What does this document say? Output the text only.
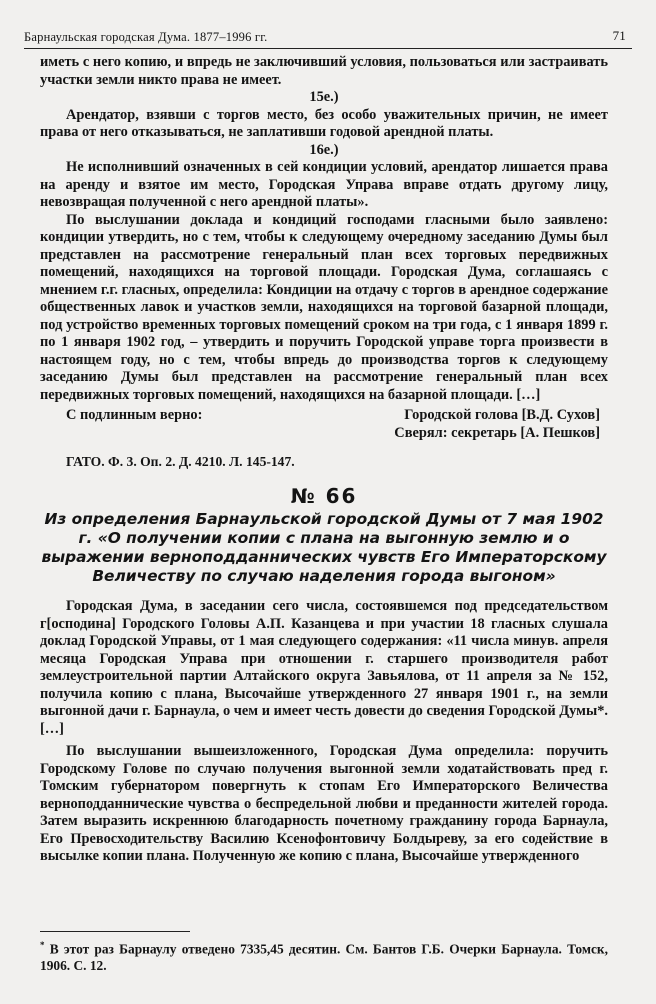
Барнаульская городская Дума. 1877–1996 гг.	71

иметь с него копию, и впредь не заключивший условия, пользоваться или застраивать участки земли никто права не имеет.

15е.)

Арендатор, взявши с торгов место, без особо уважительных причин, не имеет права от него отказываться, не заплативши годовой арендной платы.

16е.)

Не исполнивший означенных в сей кондиции условий, арендатор лишается права на аренду и взятое им место, Городская Управа вправе отдать другому лицу, невозвращая полученной с него арендной платы».

По выслушании доклада и кондиций господами гласными было заявлено: кондиции утвердить, но с тем, чтобы к следующему очередному заседанию Думы был представлен на рассмотрение генеральный план всех торговых передвижных помещений, находящихся на торговой площади. Городская Дума, соглашаясь с мнением г.г. гласных, определила: Кондиции на отдачу с торгов в арендное содержание общественных лавок и участков земли, находящихся на торговой базарной площади, под устройство временных торговых помещений сроком на три года, с 1 января 1899 г. по 1 января 1902 год, – утвердить и поручить Городской управе торга произвести в настоящем году, но с тем, чтобы впредь до производства торгов к следующему заседанию Думы был представлен на рассмотрение генеральный план всех передвижных торговых помещений, находящихся на базарной площади. […]

С подлинным верно:	Городской голова [В.Д. Сухов]
Сверял: секретарь [А. Пешков]
ГАТО. Ф. 3. Оп. 2. Д. 4210. Л. 145-147.
№ 66
Из определения Барнаульской городской Думы от 7 мая 1902 г. «О получении копии с плана на выгонную землю и о выражении верноподданнических чувств Его Императорскому Величеству по случаю наделения города выгоном»

Городская Дума, в заседании сего числа, состоявшемся под председательством г[осподина] Городского Головы А.П. Казанцева и при участии 18 гласных слушала доклад Городской Управы, от 1 мая следующего содержания: «11 числа минув. апреля месяца Городская Управа при отношении г. старшего производителя работ землеустроительной партии Алтайского округа Завьялова, от 11 апреля за № 152, получила копию с плана, Высочайше утвержденного 27 января 1901 г., на земли выгонной дачи г. Барнаула, о чем и имеет честь довести до сведения Городской Думы*. […]

По выслушании вышеизложенного, Городская Дума определила: поручить Городскому Голове по случаю получения выгонной земли ходатайствовать пред г. Томским губернатором повергнуть к стопам Его Императорского Величества верноподданнические чувства о беспредельной любви и преданности жителей города. Затем выразить искреннюю благодарность почетному гражданину города Барнаула, Его Превосходительству Василию Ксенофонтовичу Болдыреву, за его содействие в высылке копии плана. Полученную же копию с плана, Высочайше утвержденного

* В этот раз Барнаулу отведено 7335,45 десятин. См. Бантов Г.Б. Очерки Барнаула. Томск, 1906. С. 12.
